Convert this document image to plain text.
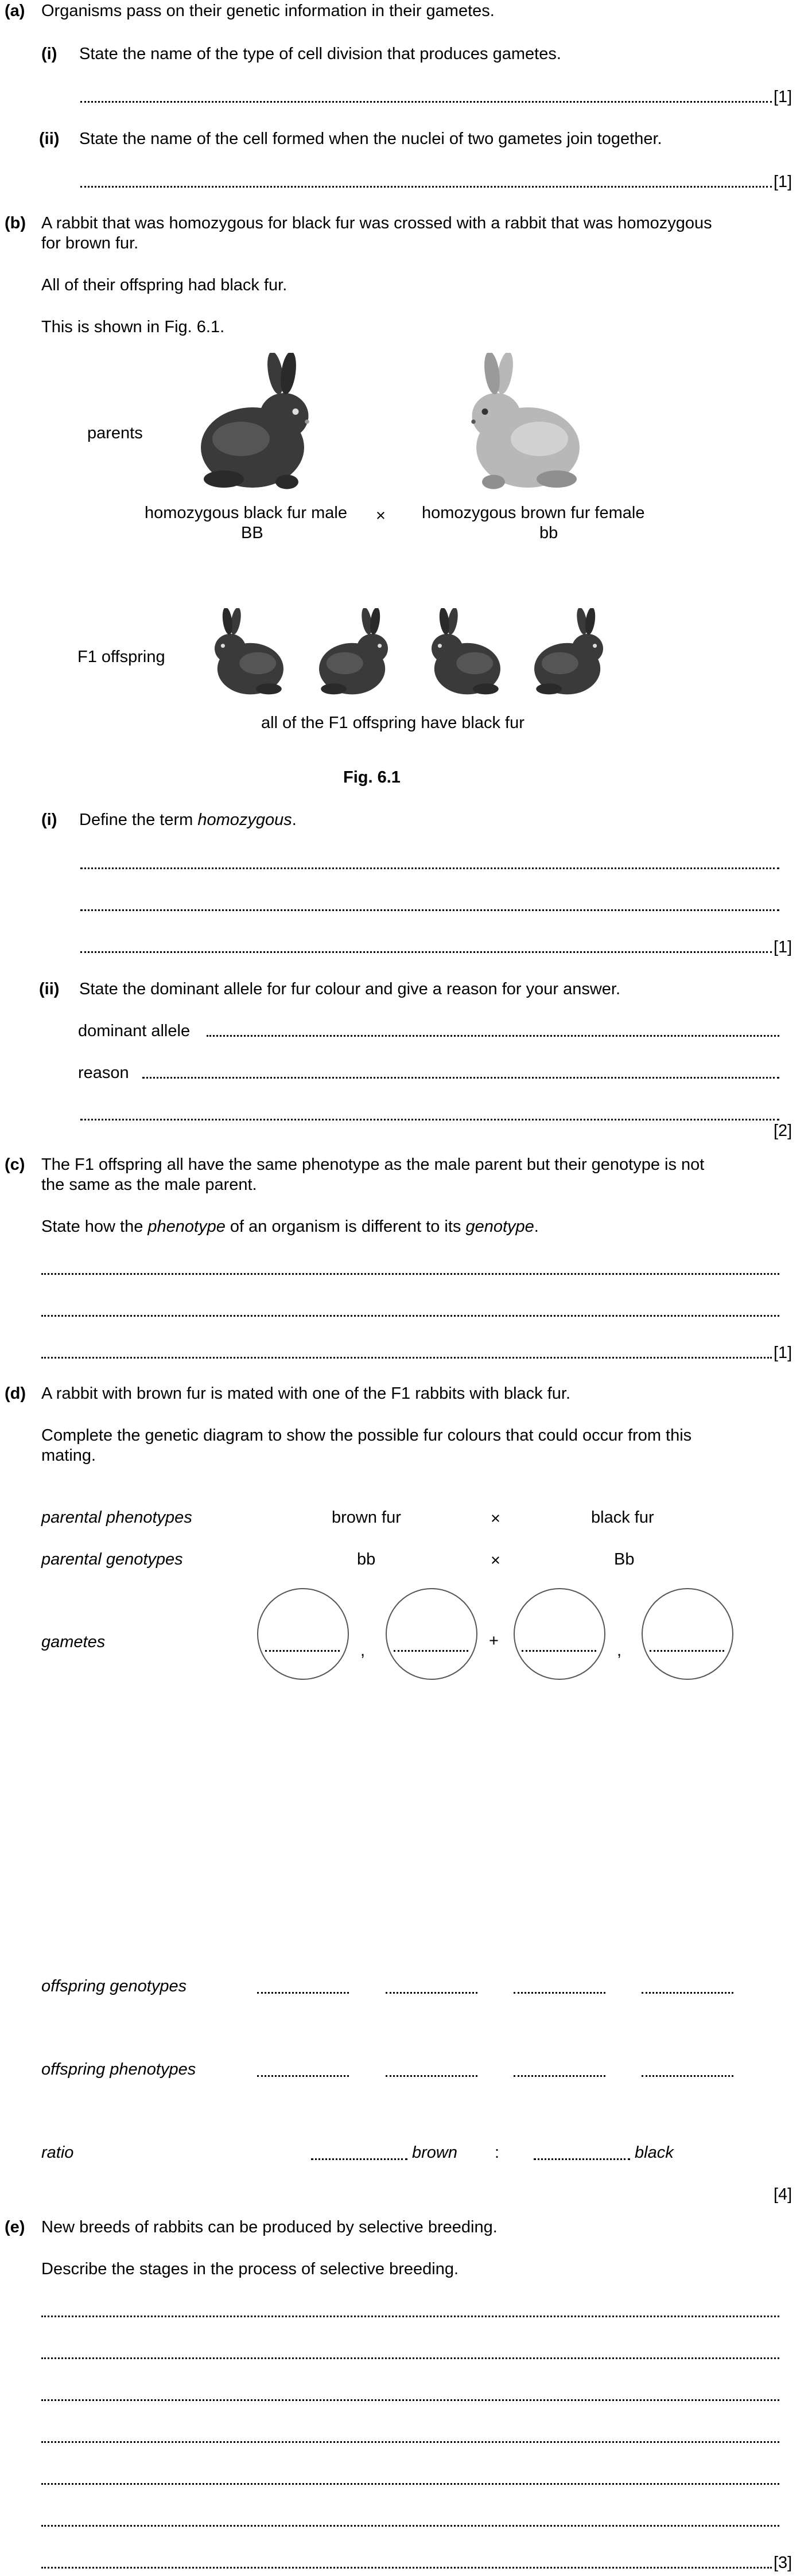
(a) Organisms pass on their genetic information in their gametes.
(i) State the name of the type of cell division that produces gametes.
[1]
(ii) State the name of the cell formed when the nuclei of two gametes join together.
[1]
(b) A rabbit that was homozygous for black fur was crossed with a rabbit that was homozygous
for brown fur.
All of their offspring had black fur.
This is shown in Fig. 6.1.
parents
×
homozygous black fur male
BB
homozygous brown fur female
bb
F1 offspring
all of the F1 offspring have black fur
Fig. 6.1
(i) Define the term homozygous.
[1]
(ii) State the dominant allele for fur colour and give a reason for your answer.
dominant allele
reason
[2]
(c) The F1 offspring all have the same phenotype as the male parent but their genotype is not
the same as the male parent.
State how the phenotype of an organism is different to its genotype.
[1]
(d) A rabbit with brown fur is mated with one of the F1 rabbits with black fur.
Complete the genetic diagram to show the possible fur colours that could occur from this
mating.
parental phenotypes	brown fur	×	black fur
parental genotypes	bb	×	Bb
gametes	,
+
,
offspring genotypes
offspring phenotypes
ratio	brown :	black
[4]
(e) New breeds of rabbits can be produced by selective breeding.
Describe the stages in the process of selective breeding.
[3]
